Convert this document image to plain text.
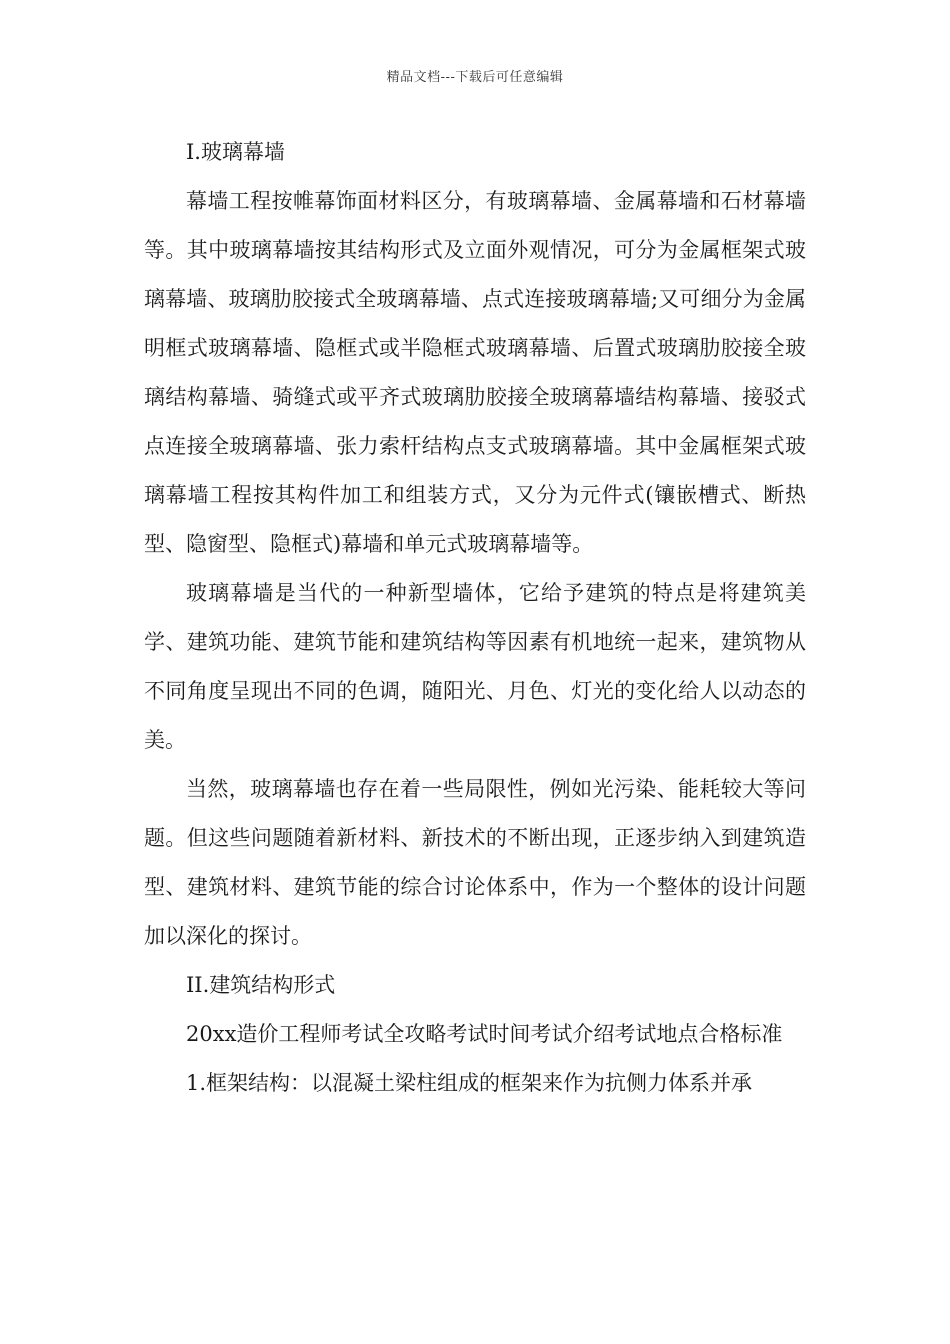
精品文档---下载后可任意编辑

I.玻璃幕墙

幕墙工程按帷幕饰面材料区分，有玻璃幕墙、金属幕墙和石材幕墙等。其中玻璃幕墙按其结构形式及立面外观情况，可分为金属框架式玻璃幕墙、玻璃肋胶接式全玻璃幕墙、点式连接玻璃幕墙;又可细分为金属明框式玻璃幕墙、隐框式或半隐框式玻璃幕墙、后置式玻璃肋胶接全玻璃结构幕墙、骑缝式或平齐式玻璃肋胶接全玻璃幕墙结构幕墙、接驳式点连接全玻璃幕墙、张力索杆结构点支式玻璃幕墙。其中金属框架式玻璃幕墙工程按其构件加工和组装方式，又分为元件式(镶嵌槽式、断热型、隐窗型、隐框式)幕墙和单元式玻璃幕墙等。

玻璃幕墙是当代的一种新型墙体，它给予建筑的特点是将建筑美学、建筑功能、建筑节能和建筑结构等因素有机地统一起来，建筑物从不同角度呈现出不同的色调，随阳光、月色、灯光的变化给人以动态的美。

当然，玻璃幕墙也存在着一些局限性，例如光污染、能耗较大等问题。但这些问题随着新材料、新技术的不断出现，正逐步纳入到建筑造型、建筑材料、建筑节能的综合讨论体系中，作为一个整体的设计问题加以深化的探讨。

II.建筑结构形式

20xx造价工程师考试全攻略考试时间考试介绍考试地点合格标准

1.框架结构：以混凝土梁柱组成的框架来作为抗侧力体系并承
